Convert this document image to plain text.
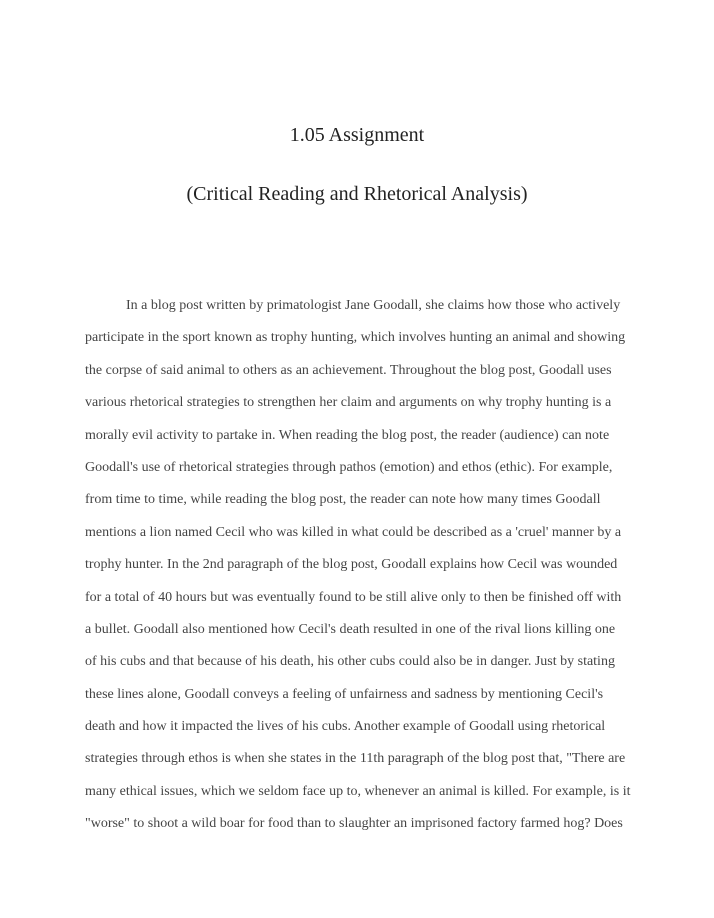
1.05 Assignment
(Critical Reading and Rhetorical Analysis)
In a blog post written by primatologist Jane Goodall, she claims how those who actively
participate in the sport known as trophy hunting, which involves hunting an animal and showing
the corpse of said animal to others as an achievement. Throughout the blog post, Goodall uses
various rhetorical strategies to strengthen her claim and arguments on why trophy hunting is a
morally evil activity to partake in. When reading the blog post, the reader (audience) can note
Goodall's use of rhetorical strategies through pathos (emotion) and ethos (ethic). For example,
from time to time, while reading the blog post, the reader can note how many times Goodall
mentions a lion named Cecil who was killed in what could be described as a 'cruel' manner by a
trophy hunter. In the 2nd paragraph of the blog post, Goodall explains how Cecil was wounded
for a total of 40 hours but was eventually found to be still alive only to then be finished off with
a bullet. Goodall also mentioned how Cecil's death resulted in one of the rival lions killing one
of his cubs and that because of his death, his other cubs could also be in danger. Just by stating
these lines alone, Goodall conveys a feeling of unfairness and sadness by mentioning Cecil's
death and how it impacted the lives of his cubs. Another example of Goodall using rhetorical
strategies through ethos is when she states in the 11th paragraph of the blog post that, "There are
many ethical issues, which we seldom face up to, whenever an animal is killed. For example, is it
"worse" to shoot a wild boar for food than to slaughter an imprisoned factory farmed hog? Does
